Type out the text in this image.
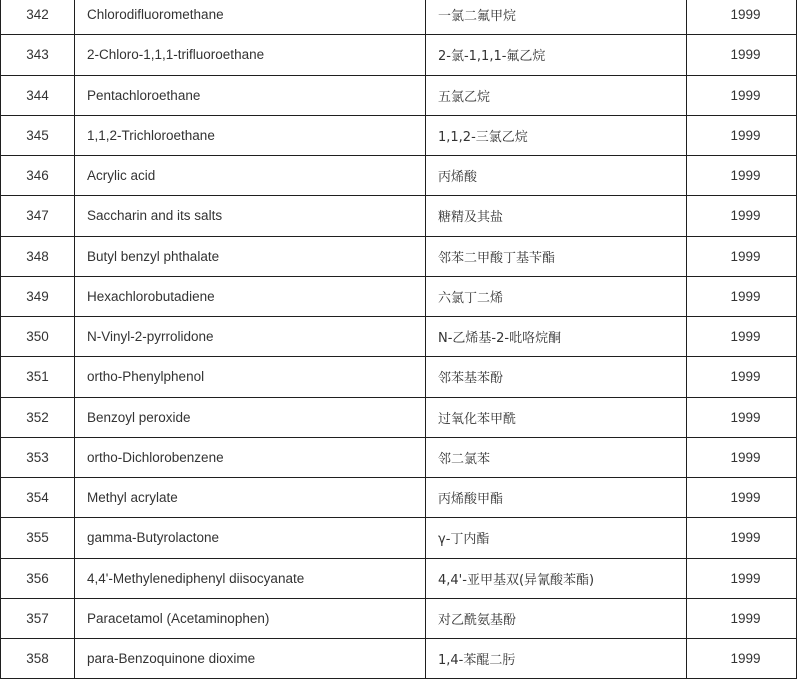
342	Chlorodifluoromethane	一氯二氟甲烷	1999
343	2-Chloro-1,1,1-trifluoroethane	2-氯-1,1,1-氟乙烷	1999
344	Pentachloroethane	五氯乙烷	1999
345	1,1,2-Trichloroethane	1,1,2-三氯乙烷	1999
346	Acrylic acid	丙烯酸	1999
347	Saccharin and its salts	糖精及其盐	1999
348	Butyl benzyl phthalate	邻苯二甲酸丁基苄酯	1999
349	Hexachlorobutadiene	六氯丁二烯	1999
350	N-Vinyl-2-pyrrolidone	N-乙烯基-2-吡咯烷酮	1999
351	ortho-Phenylphenol	邻苯基苯酚	1999
352	Benzoyl peroxide	过氧化苯甲酰	1999
353	ortho-Dichlorobenzene	邻二氯苯	1999
354	Methyl acrylate	丙烯酸甲酯	1999
355	gamma-Butyrolactone	γ-丁内酯	1999
356	4,4'-Methylenediphenyl diisocyanate	4,4'-亚甲基双(异氰酸苯酯)	1999
357	Paracetamol (Acetaminophen)	对乙酰氨基酚	1999
358	para-Benzoquinone dioxime	1,4-苯醌二肟	1999
